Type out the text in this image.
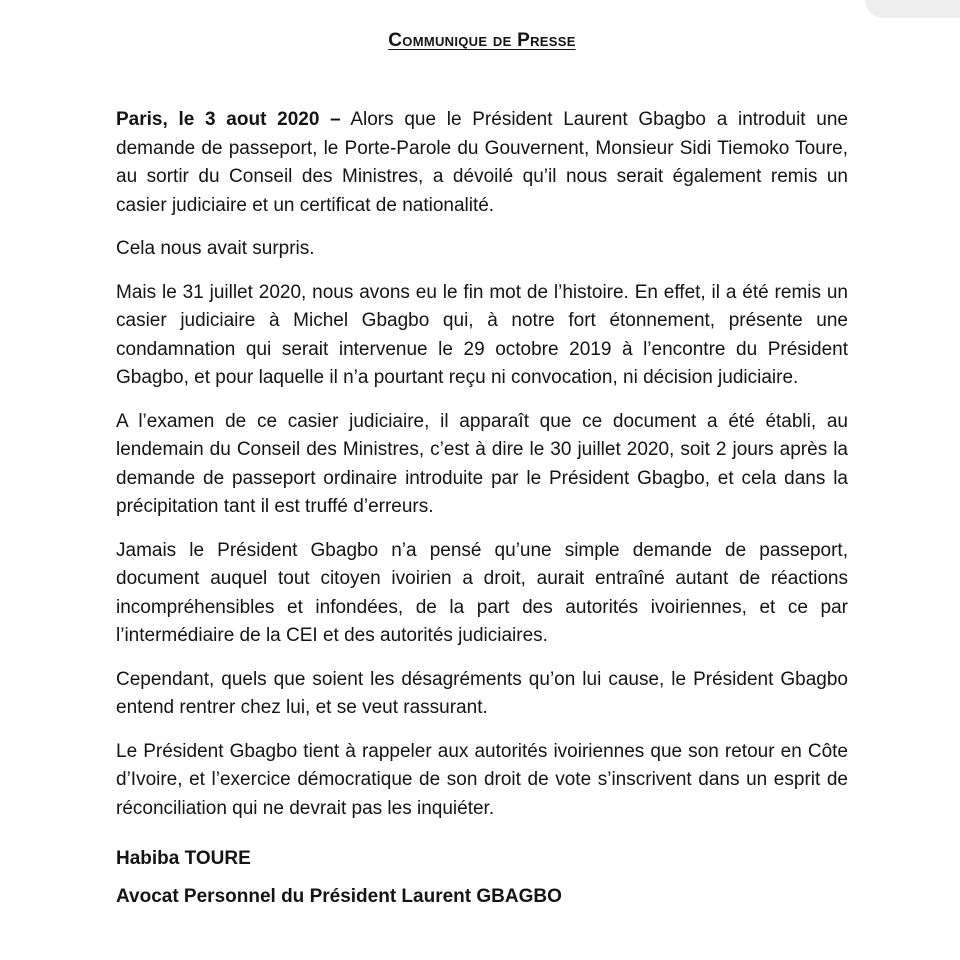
Communique de Presse

Paris, le 3 aout 2020 – Alors que le Président Laurent Gbagbo a introduit une demande de passeport, le Porte-Parole du Gouvernent, Monsieur Sidi Tiemoko Toure, au sortir du Conseil des Ministres, a dévoilé qu’il nous serait également remis un casier judiciaire et un certificat de nationalité.

Cela nous avait surpris.

Mais le 31 juillet 2020, nous avons eu le fin mot de l’histoire. En effet, il a été remis un casier judiciaire à Michel Gbagbo qui, à notre fort étonnement, présente une condamnation qui serait intervenue le 29 octobre 2019 à l’encontre du Président Gbagbo, et pour laquelle il n’a pourtant reçu ni convocation, ni décision judiciaire.

A l’examen de ce casier judiciaire, il apparaît que ce document a été établi, au lendemain du Conseil des Ministres, c’est à dire le 30 juillet 2020, soit 2 jours après la demande de passeport ordinaire introduite par le Président Gbagbo, et cela dans la précipitation tant il est truffé d’erreurs.

Jamais le Président Gbagbo n’a pensé qu’une simple demande de passeport, document auquel tout citoyen ivoirien a droit, aurait entraîné autant de réactions incompréhensibles et infondées, de la part des autorités ivoiriennes, et ce par l’intermédiaire de la CEI et des autorités judiciaires.

Cependant, quels que soient les désagréments qu’on lui cause, le Président Gbagbo entend rentrer chez lui, et se veut rassurant.

Le Président Gbagbo tient à rappeler aux autorités ivoiriennes que son retour en Côte d’Ivoire, et l’exercice démocratique de son droit de vote s’inscrivent dans un esprit de réconciliation qui ne devrait pas les inquiéter.

Habiba TOURE
Avocat Personnel du Président Laurent GBAGBO
